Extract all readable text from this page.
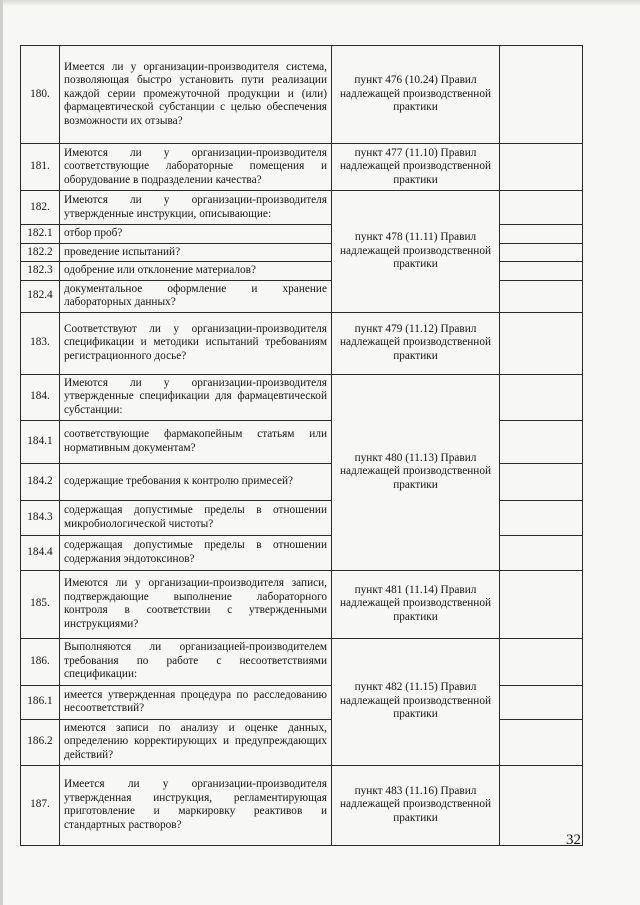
180.	Имеется ли у организации-производителя система, позволяющая быстро установить пути реализации каждой серии промежуточной продукции и (или) фармацевтической субстанции с целью обеспечения возможности их отзыва?	пункт 476 (10.24) Правил надлежащей производственной практики	
181.	Имеются ли у организации-производителя соответствующие лабораторные помещения и оборудование в подразделении качества?	пункт 477 (11.10) Правил надлежащей производственной практики	
182.	Имеются ли у организации-производителя утвержденные инструкции, описывающие:	пункт 478 (11.11) Правил надлежащей производственной практики	
182.1	отбор проб?		
182.2	проведение испытаний?		
182.3	одобрение или отклонение материалов?		
182.4	документальное оформление и хранение лабораторных данных?		
183.	Соответствуют ли у организации-производителя спецификации и методики испытаний требованиям регистрационного досье?	пункт 479 (11.12) Правил надлежащей производственной практики	
184.	Имеются ли у организации-производителя утвержденные спецификации для фармацевтической субстанции:	пункт 480 (11.13) Правил надлежащей производственной практики	
184.1	соответствующие фармакопейным статьям или нормативным документам?		
184.2	содержащие требования к контролю примесей?		
184.3	содержащая допустимые пределы в отношении микробиологической чистоты?		
184.4	содержащая допустимые пределы в отношении содержания эндотоксинов?		
185.	Имеются ли у организации-производителя записи, подтверждающие выполнение лабораторного контроля в соответствии с утвержденными инструкциями?	пункт 481 (11.14) Правил надлежащей производственной практики	
186.	Выполняются ли организацией-производителем требования по работе с несоответствиями спецификации:	пункт 482 (11.15) Правил надлежащей производственной практики	
186.1	имеется утвержденная процедура по расследованию несоответствий?		
186.2	имеются записи по анализу и оценке данных, определению корректирующих и предупреждающих действий?		
187.	Имеется ли у организации-производителя утвержденная инструкция, регламентирующая приготовление и маркировку реактивов и стандартных растворов?	пункт 483 (11.16) Правил надлежащей производственной практики	
32
